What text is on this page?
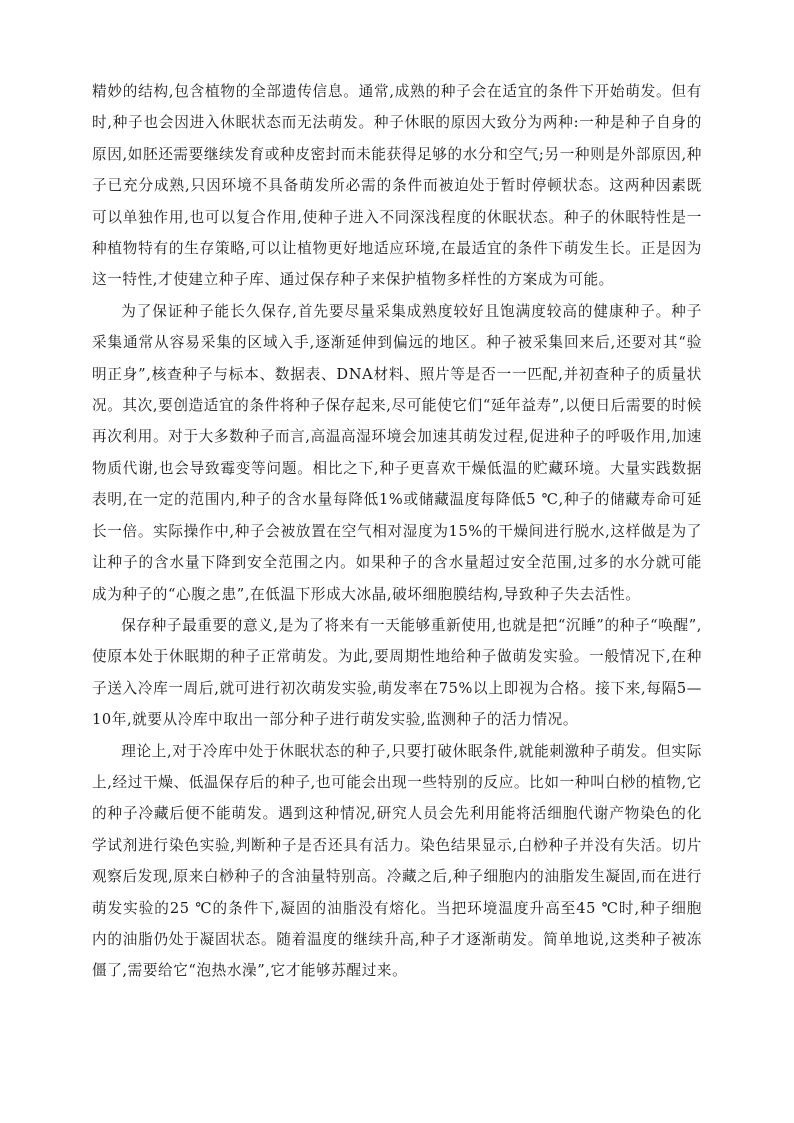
精妙的结构,包含植物的全部遗传信息。通常,成熟的种子会在适宜的条件下开始萌发。但有时,种子也会因进入休眠状态而无法萌发。种子休眠的原因大致分为两种:一种是种子自身的原因,如胚还需要继续发育或种皮密封而未能获得足够的水分和空气;另一种则是外部原因,种子已充分成熟,只因环境不具备萌发所必需的条件而被迫处于暂时停顿状态。这两种因素既可以单独作用,也可以复合作用,使种子进入不同深浅程度的休眠状态。种子的休眠特性是一种植物特有的生存策略,可以让植物更好地适应环境,在最适宜的条件下萌发生长。正是因为这一特性,才使建立种子库、通过保存种子来保护植物多样性的方案成为可能。

为了保证种子能长久保存,首先要尽量采集成熟度较好且饱满度较高的健康种子。种子采集通常从容易采集的区域入手,逐渐延伸到偏远的地区。种子被采集回来后,还要对其“验明正身”,核查种子与标本、数据表、DNA材料、照片等是否一一匹配,并初查种子的质量状况。其次,要创造适宜的条件将种子保存起来,尽可能使它们“延年益寿”,以便日后需要的时候再次利用。对于大多数种子而言,高温高湿环境会加速其萌发过程,促进种子的呼吸作用,加速物质代谢,也会导致霉变等问题。相比之下,种子更喜欢干燥低温的贮藏环境。大量实践数据表明,在一定的范围内,种子的含水量每降低1%或储藏温度每降低5 ℃,种子的储藏寿命可延长一倍。实际操作中,种子会被放置在空气相对湿度为15%的干燥间进行脱水,这样做是为了让种子的含水量下降到安全范围之内。如果种子的含水量超过安全范围,过多的水分就可能成为种子的“心腹之患”,在低温下形成大冰晶,破坏细胞膜结构,导致种子失去活性。

保存种子最重要的意义,是为了将来有一天能够重新使用,也就是把“沉睡”的种子“唤醒”,使原本处于休眠期的种子正常萌发。为此,要周期性地给种子做萌发实验。一般情况下,在种子送入冷库一周后,就可进行初次萌发实验,萌发率在75%以上即视为合格。接下来,每隔5—10年,就要从冷库中取出一部分种子进行萌发实验,监测种子的活力情况。

理论上,对于冷库中处于休眠状态的种子,只要打破休眠条件,就能刺激种子萌发。但实际上,经过干燥、低温保存后的种子,也可能会出现一些特别的反应。比如一种叫白桫的植物,它的种子冷藏后便不能萌发。遇到这种情况,研究人员会先利用能将活细胞代谢产物染色的化学试剂进行染色实验,判断种子是否还具有活力。染色结果显示,白桫种子并没有失活。切片观察后发现,原来白桫种子的含油量特别高。冷藏之后,种子细胞内的油脂发生凝固,而在进行萌发实验的25 ℃的条件下,凝固的油脂没有熔化。当把环境温度升高至45 ℃时,种子细胞内的油脂仍处于凝固状态。随着温度的继续升高,种子才逐渐萌发。简单地说,这类种子被冻僵了,需要给它“泡热水澡”,它才能够苏醒过来。
